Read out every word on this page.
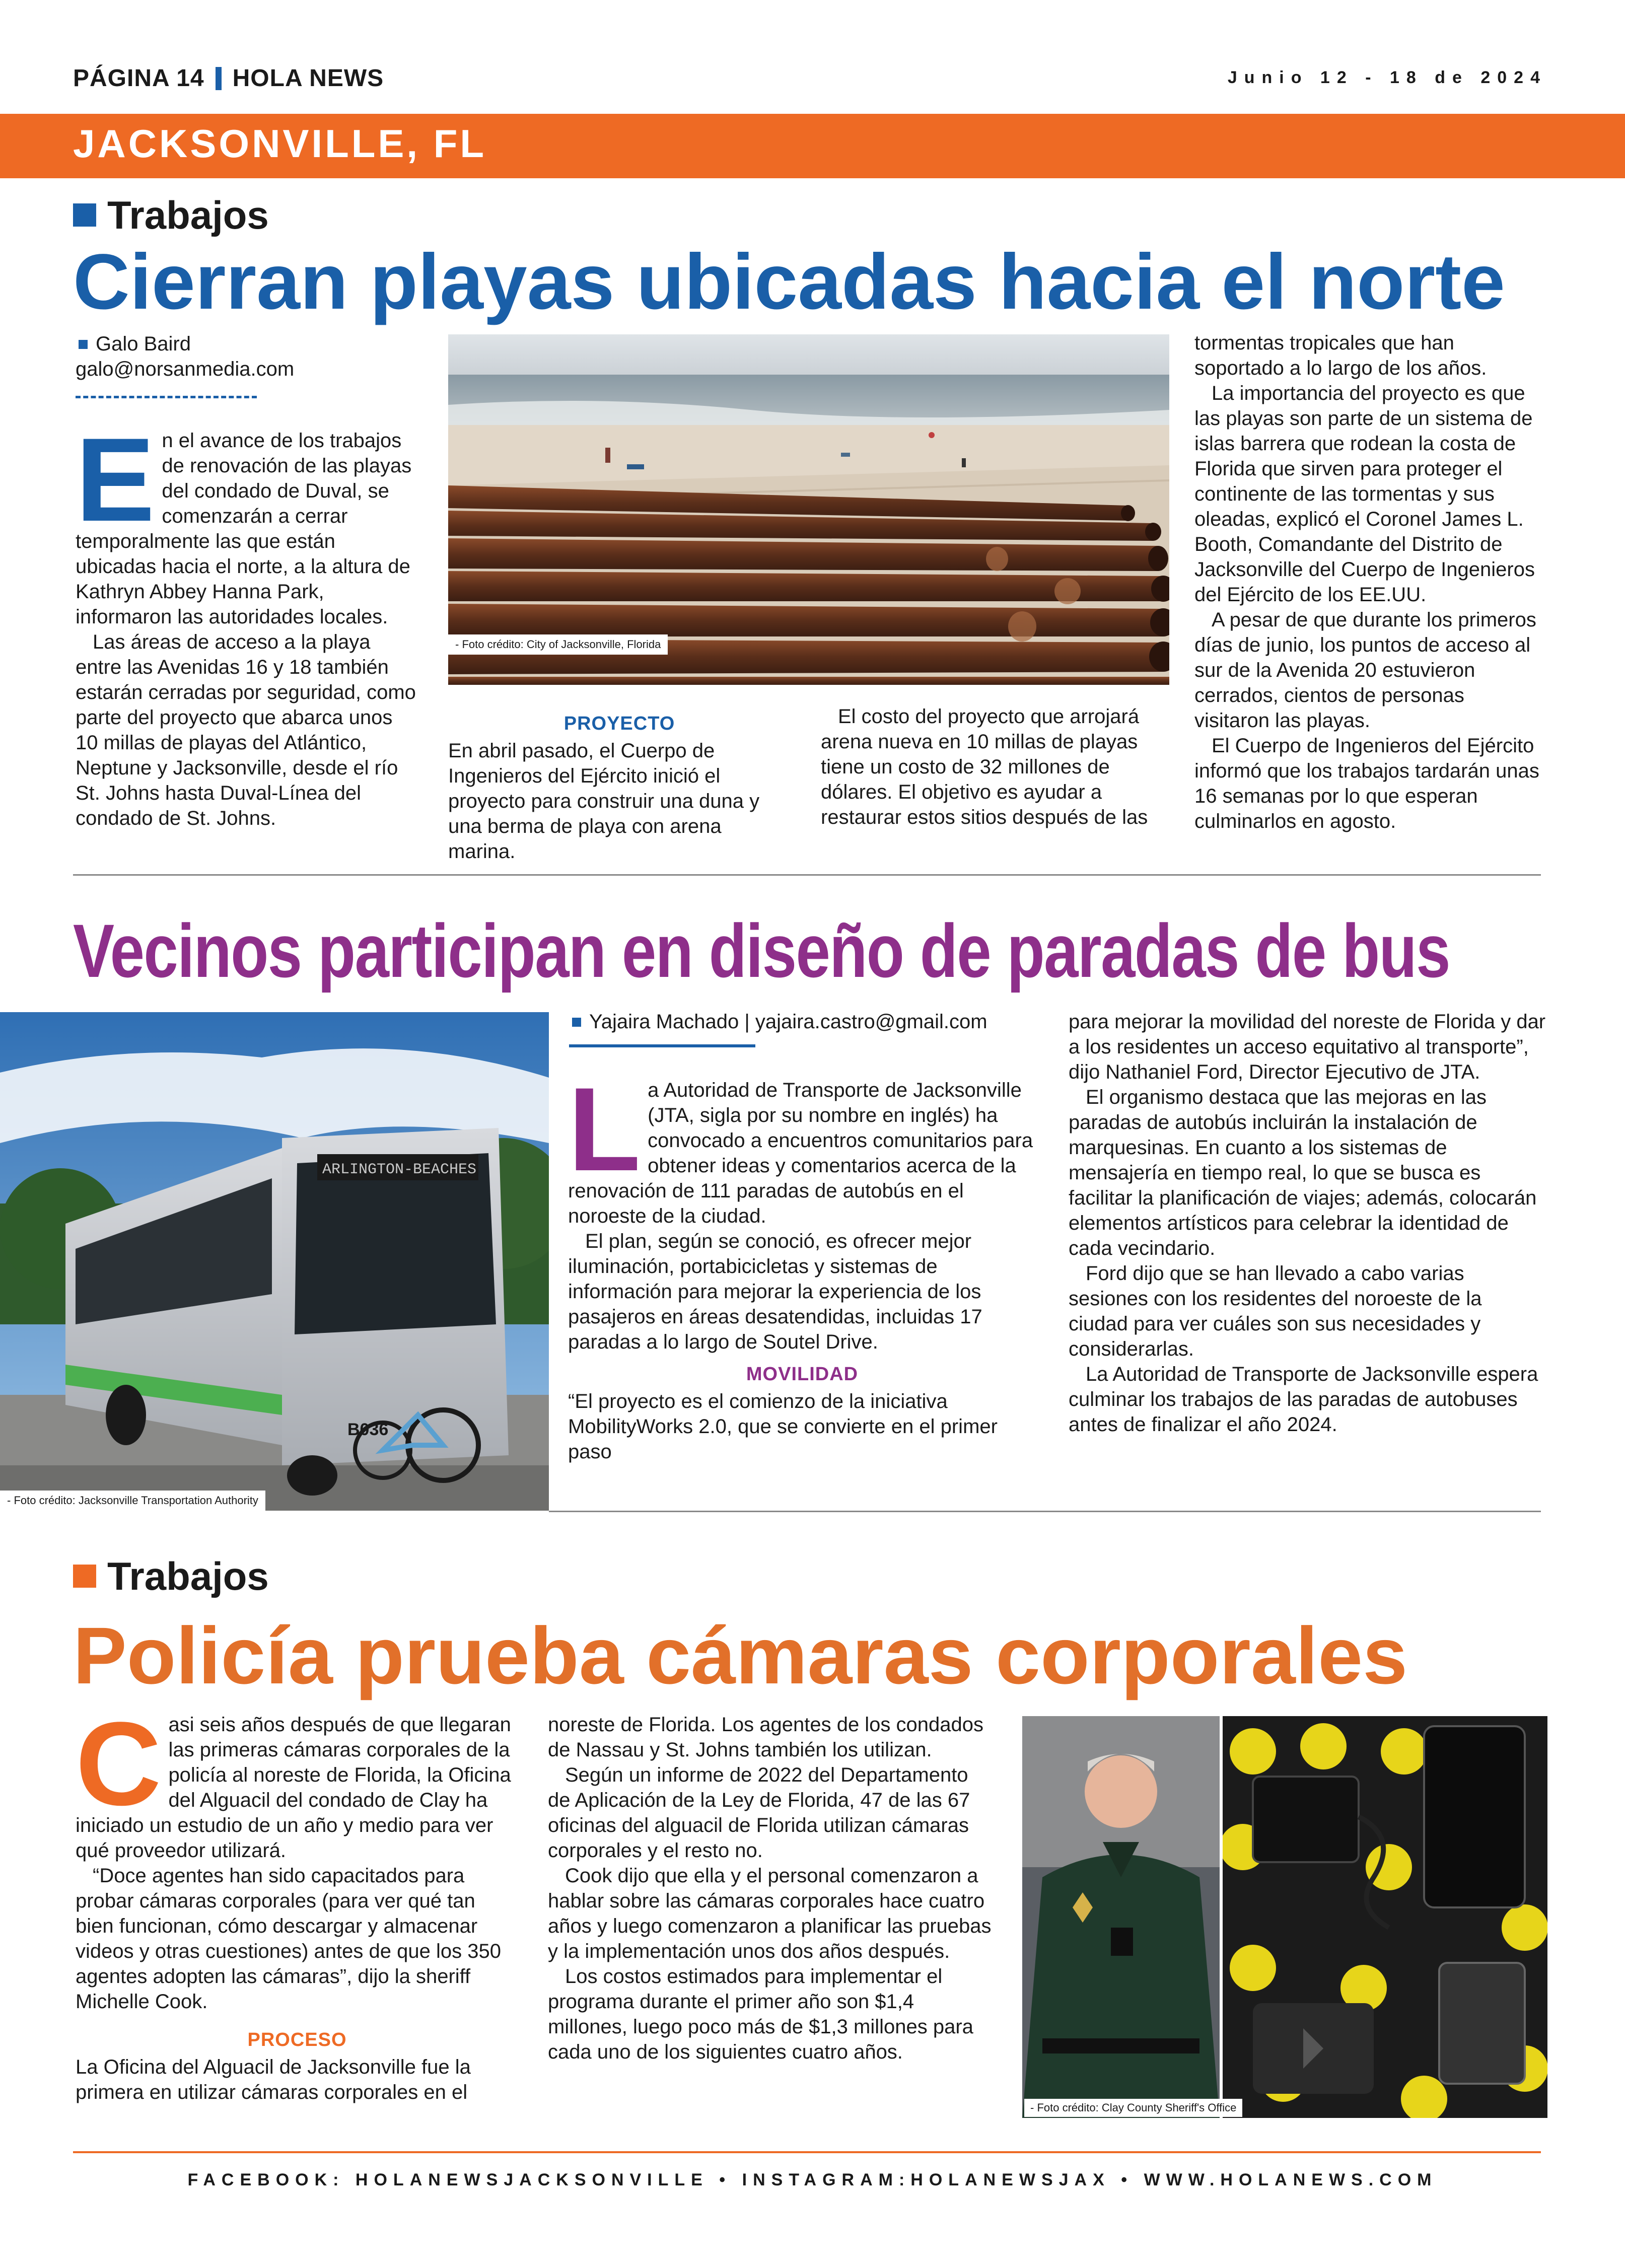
PÁGINA 14 HOLA NEWS	Junio 12 - 18 de 2024
JACKSONVILLE, FL
Trabajos
Cierran playas ubicadas hacia el norte
Galo Baird
galo@norsanmedia.com
E n el avance de los trabajos de renovación de las playas del condado de Duval, se comenzarán a cerrar temporalmente las que están ubicadas hacia el norte, a la altura de Kathryn Abbey Hanna Park, informaron las autoridades locales.

Las áreas de acceso a la playa entre las Avenidas 16 y 18 también estarán cerradas por seguridad, como parte del proyecto que abarca unos 10 millas de playas del Atlántico, Neptune y Jacksonville, desde el río St. Johns hasta Duval-Línea del condado de St. Johns.

- Foto crédito: City of Jacksonville, Florida
PROYECTO

En abril pasado, el Cuerpo de Ingenieros del Ejército inició el proyecto para construir una duna y una berma de playa con arena marina.

El costo del proyecto que arrojará arena nueva en 10 millas de playas tiene un costo de 32 millones de dólares. El objetivo es ayudar a restaurar estos sitios después de las

tormentas tropicales que han soportado a lo largo de los años.

La importancia del proyecto es que las playas son parte de un sistema de islas barrera que rodean la costa de Florida que sirven para proteger el continente de las tormentas y sus oleadas, explicó el Coronel James L. Booth, Comandante del Distrito de Jacksonville del Cuerpo de Ingenieros del Ejército de los EE.UU.

A pesar de que durante los primeros días de junio, los puntos de acceso al sur de la Avenida 20 estuvieron cerrados, cientos de personas visitaron las playas.

El Cuerpo de Ingenieros del Ejército informó que los trabajos tardarán unas 16 semanas por lo que esperan culminarlos en agosto.

Vecinos participan en diseño de paradas de bus
ARLINGTON-BEACHES
B036
- Foto crédito: Jacksonville Transportation Authority
Yajaira Machado | yajaira.castro@gmail.com
L a Autoridad de Transporte de Jacksonville (JTA, sigla por su nombre en inglés) ha convocado a encuentros comunitarios para obtener ideas y comentarios acerca de la renovación de 111 paradas de autobús en el noroeste de la ciudad.

El plan, según se conoció, es ofrecer mejor iluminación, portabicicletas y sistemas de información para mejorar la experiencia de los pasajeros en áreas desatendidas, incluidas 17 paradas a lo largo de Soutel Drive.

MOVILIDAD

“El proyecto es el comienzo de la iniciativa MobilityWorks 2.0, que se convierte en el primer paso

para mejorar la movilidad del noreste de Florida y dar a los residentes un acceso equitativo al transporte”, dijo Nathaniel Ford, Director Ejecutivo de JTA.

El organismo destaca que las mejoras en las paradas de autobús incluirán la instalación de marquesinas. En cuanto a los sistemas de mensajería en tiempo real, lo que se busca es facilitar la planificación de viajes; además, colocarán elementos artísticos para celebrar la identidad de cada vecindario.

Ford dijo que se han llevado a cabo varias sesiones con los residentes del noroeste de la ciudad para ver cuáles son sus necesidades y considerarlas.

La Autoridad de Transporte de Jacksonville espera culminar los trabajos de las paradas de autobuses antes de finalizar el año 2024.

Trabajos
Policía prueba cámaras corporales
C asi seis años después de que llegaran las primeras cámaras corporales de la policía al noreste de Florida, la Oficina del Alguacil del condado de Clay ha iniciado un estudio de un año y medio para ver qué proveedor utilizará.

“Doce agentes han sido capacitados para probar cámaras corporales (para ver qué tan bien funcionan, cómo descargar y almacenar videos y otras cuestiones) antes de que los 350 agentes adopten las cámaras”, dijo la sheriff Michelle Cook.

PROCESO

La Oficina del Alguacil de Jacksonville fue la primera en utilizar cámaras corporales en el

noreste de Florida. Los agentes de los condados de Nassau y St. Johns también los utilizan.

Según un informe de 2022 del Departamento de Aplicación de la Ley de Florida, 47 de las 67 oficinas del alguacil de Florida utilizan cámaras corporales y el resto no.

Cook dijo que ella y el personal comenzaron a hablar sobre las cámaras corporales hace cuatro años y luego comenzaron a planificar las pruebas y la implementación unos dos años después.

Los costos estimados para implementar el programa durante el primer año son $1,4 millones, luego poco más de $1,3 millones para cada uno de los siguientes cuatro años.

- Foto crédito: Clay County Sheriff's Office
FACEBOOK: HOLANEWSJACKSONVILLE • INSTAGRAM:HOLANEWSJAX • WWW.HOLANEWS.COM
